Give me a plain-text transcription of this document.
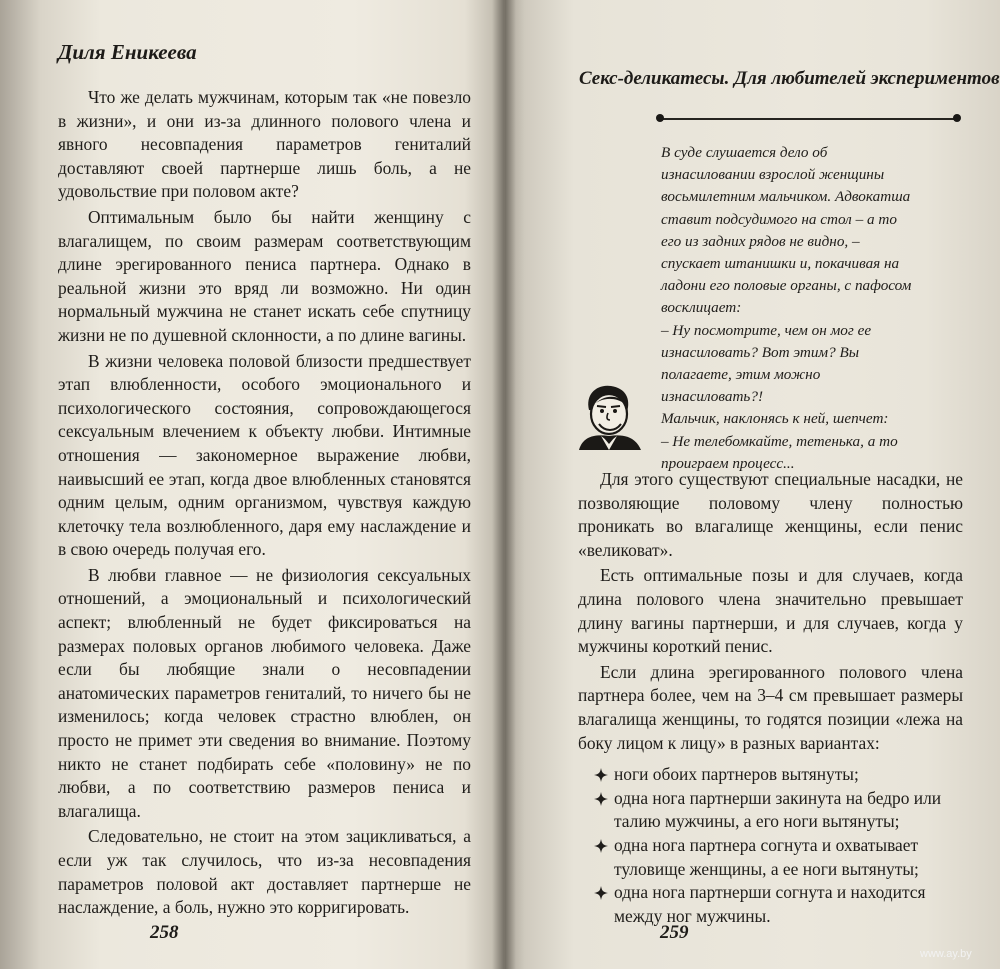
Диля Еникеева

Что же делать мужчинам, которым так «не повезло в жизни», и они из-за длинного полового члена и явного несовпадения параметров гениталий доставляют своей партнерше лишь боль, а не удовольствие при половом акте?

Оптимальным было бы найти женщину с влагалищем, по своим размерам соответствующим длине эрегированного пениса партнера. Однако в реальной жизни это вряд ли возможно. Ни один нормальный мужчина не станет искать себе спутницу жизни не по душевной склонности, а по длине вагины.

В жизни человека половой близости предшествует этап влюбленности, особого эмоционального и психологического состояния, сопровождающегося сексуальным влечением к объекту любви. Интимные отношения — закономерное выражение любви, наивысший ее этап, когда двое влюбленных становятся одним целым, одним организмом, чувствуя каждую клеточку тела возлюбленного, даря ему наслаждение и в свою очередь получая его.

В любви главное — не физиология сексуальных отношений, а эмоциональный и психологический аспект; влюбленный не будет фиксироваться на размерах половых органов любимого человека. Даже если бы любящие знали о несовпадении анатомических параметров гениталий, то ничего бы не изменилось; когда человек страстно влюблен, он просто не примет эти сведения во внимание. Поэтому никто не станет подбирать себе «половину» не по любви, а по соответствию размеров пениса и влагалища.

Следовательно, не стоит на этом зацикливаться, а если уж так случилось, что из-за несовпадения параметров половой акт доставляет партнерше не наслаждение, а боль, нужно это корригировать.

258
Секс-деликатесы. Для любителей экспериментов
В суде слушается дело об
изнасиловании взрослой женщины
восьмилетним мальчиком. Адвокатша
ставит подсудимого на стол – а то
его из задних рядов не видно, –
спускает штанишки и, покачивая на
ладони его половые органы, с пафосом
восклицает:
– Ну посмотрите, чем он мог ее
изнасиловать? Вот этим? Вы
полагаете, этим можно
изнасиловать?!
Мальчик, наклонясь к ней, шепчет:
– Не телебомкайте, тетенька, а то
проиграем процесс...

Для этого существуют специальные насадки, не позволяющие половому члену полностью проникать во влагалище женщины, если пенис «великоват».

Есть оптимальные позы и для случаев, когда длина полового члена значительно превышает длину вагины партнерши, и для случаев, когда у мужчины короткий пенис.

Если длина эрегированного полового члена партнера более, чем на 3–4 см превышает размеры влагалища женщины, то годятся позиции «лежа на боку лицом к лицу» в разных вариантах:

ноги обоих партнеров вытянуты;
одна нога партнерши закинута на бедро или талию мужчины, а его ноги вытянуты;
одна нога партнера согнута и охватывает туловище женщины, а ее ноги вытянуты;
одна нога партнерши согнута и находится между ног мужчины.
259
www.ay.by
